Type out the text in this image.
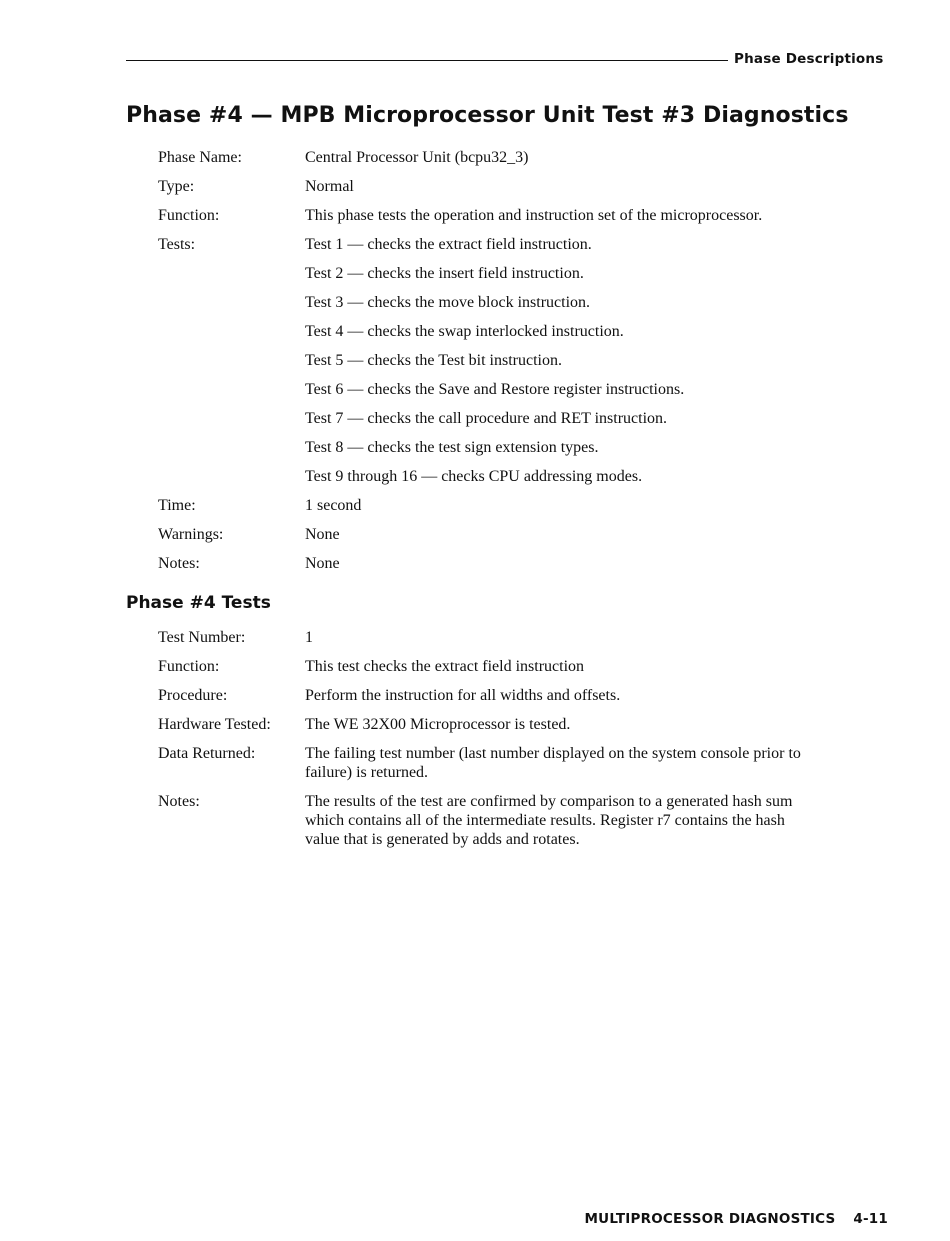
Phase Descriptions
Phase #4 — MPB Microprocessor Unit Test #3 Diagnostics
Phase Name:	Central Processor Unit (bcpu32_3)
Type:	Normal
Function:	This phase tests the operation and instruction set of the microprocessor.
Tests:	Test 1 — checks the extract field instruction.
Test 2 — checks the insert field instruction.
Test 3 — checks the move block instruction.
Test 4 — checks the swap interlocked instruction.
Test 5 — checks the Test bit instruction.
Test 6 — checks the Save and Restore register instructions.
Test 7 — checks the call procedure and RET instruction.
Test 8 — checks the test sign extension types.
Test 9 through 16 — checks CPU addressing modes.
Time:	1 second
Warnings:	None
Notes:	None
Phase #4 Tests
Test Number:	1
Function:	This test checks the extract field instruction
Procedure:	Perform the instruction for all widths and offsets.
Hardware Tested:	The WE 32X00 Microprocessor is tested.
Data Returned:	The failing test number (last number displayed on the system console prior to
failure) is returned.
Notes:	The results of the test are confirmed by comparison to a generated hash sum
which contains all of the intermediate results. Register r7 contains the hash
value that is generated by adds and rotates.
MULTIPROCESSOR DIAGNOSTICS 4-11
